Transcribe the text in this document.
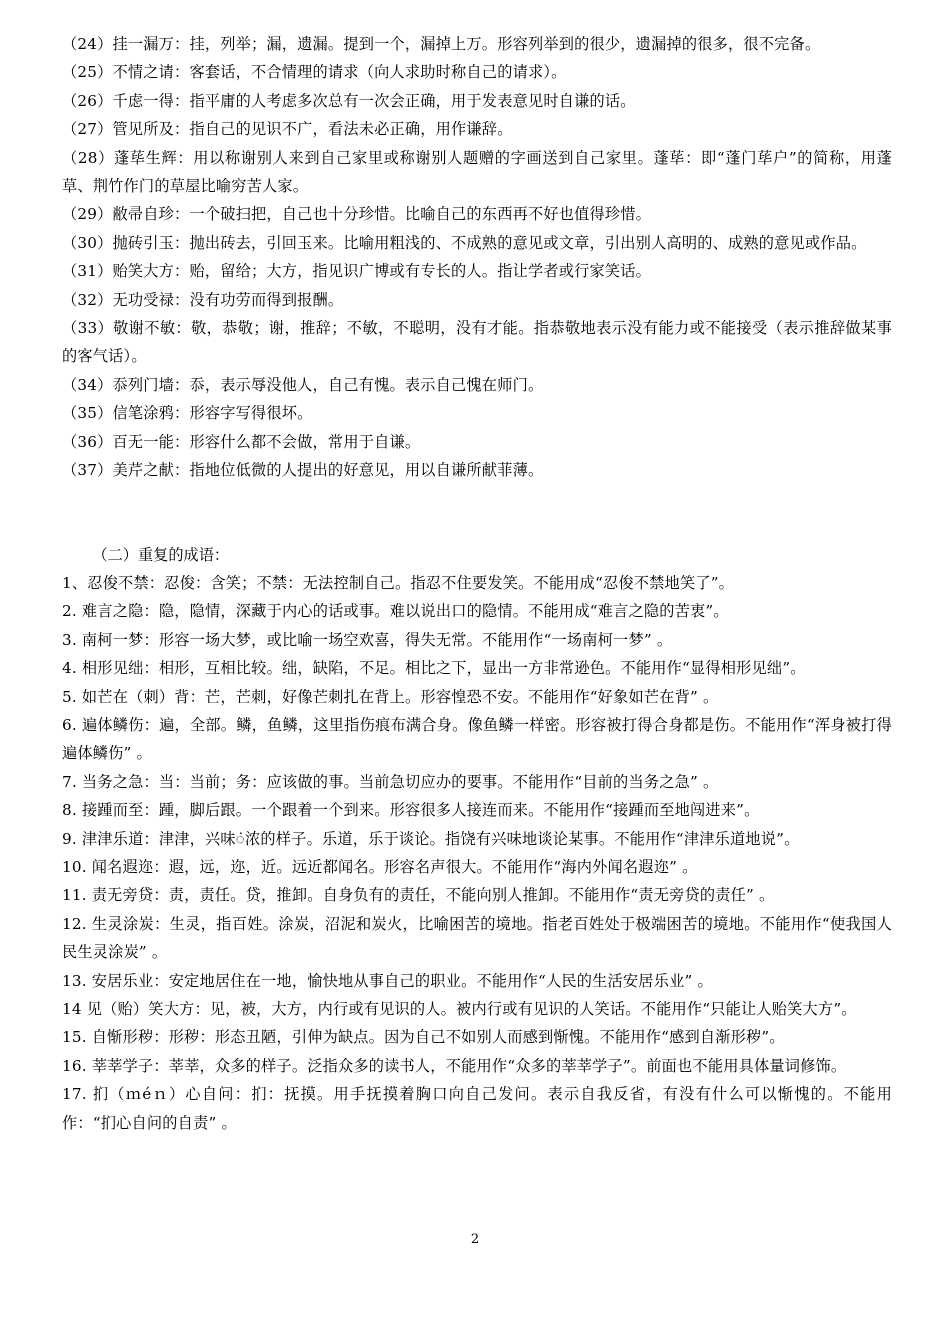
（24）挂一漏万：挂，列举；漏，遗漏。提到一个，漏掉上万。形容列举到的很少，遗漏掉的很多，很不完备。

（25）不情之请：客套话，不合情理的请求（向人求助时称自己的请求）。

（26）千虑一得：指平庸的人考虑多次总有一次会正确，用于发表意见时自谦的话。

（27）管见所及：指自己的见识不广，看法未必正确，用作谦辞。

（28）蓬荜生辉：用以称谢别人来到自己家里或称谢别人题赠的字画送到自己家里。蓬荜：即“蓬门荜户”的简称，用蓬草、荆竹作门的草屋比喻穷苦人家。

（29）敝帚自珍：一个破扫把，自己也十分珍惜。比喻自己的东西再不好也值得珍惜。

（30）抛砖引玉：抛出砖去，引回玉来。比喻用粗浅的、不成熟的意见或文章，引出别人高明的、成熟的意见或作品。

（31）贻笑大方：贻，留给；大方，指见识广博或有专长的人。指让学者或行家笑话。

（32）无功受禄：没有功劳而得到报酬。

（33）敬谢不敏：敬，恭敬；谢，推辞；不敏，不聪明，没有才能。指恭敬地表示没有能力或不能接受（表示推辞做某事的客气话）。

（34）忝列门墙：忝，表示辱没他人，自己有愧。表示自己愧在师门。

（35）信笔涂鸦：形容字写得很坏。

（36）百无一能：形容什么都不会做，常用于自谦。

（37）美芹之献：指地位低微的人提出的好意见，用以自谦所献菲薄。

（二）重复的成语：

1、忍俊不禁：忍俊：含笑；不禁：无法控制自己。指忍不住要发笑。不能用成“忍俊不禁地笑了”。

2. 难言之隐：隐，隐情，深藏于内心的话或事。难以说出口的隐情。不能用成“难言之隐的苦衷”。

3. 南柯一梦：形容一场大梦，或比喻一场空欢喜，得失无常。不能用作“一场南柯一梦” 。

4. 相形见绌：相形，互相比较。绌，缺陷，不足。相比之下，显出一方非常逊色。不能用作“显得相形见绌”。

5. 如芒在（刺）背：芒，芒刺，好像芒刺扎在背上。形容惶恐不安。不能用作“好象如芒在背” 。

6. 遍体鳞伤：遍，全部。鳞，鱼鳞，这里指伤痕布满合身。像鱼鳞一样密。形容被打得合身都是伤。不能用作“浑身被打得遍体鳞伤” 。

7. 当务之急：当：当前；务：应该做的事。当前急切应办的要事。不能用作“目前的当务之急” 。

8. 接踵而至：踵，脚后跟。一个跟着一个到来。形容很多人接连而来。不能用作“接踵而至地闯进来”。

9. 津津乐道：津津，兴味ं浓的样子。乐道，乐于谈论。指饶有兴味地谈论某事。不能用作“津津乐道地说”。

10. 闻名遐迩：遐，远，迩，近。远近都闻名。形容名声很大。不能用作“海内外闻名遐迩” 。

11. 责无旁贷：责，责任。贷，推卸。自身负有的责任，不能向别人推卸。不能用作“责无旁贷的责任” 。

12. 生灵涂炭：生灵，指百姓。涂炭，沼泥和炭火，比喻困苦的境地。指老百姓处于极端困苦的境地。不能用作“使我国人民生灵涂炭” 。

13. 安居乐业：安定地居住在一地，愉快地从事自己的职业。不能用作“人民的生活安居乐业” 。

14 见（贻）笑大方：见，被，大方，内行或有见识的人。被内行或有见识的人笑话。不能用作“只能让人贻笑大方”。

15. 自惭形秽：形秽：形态丑陋，引伸为缺点。因为自己不如别人而感到惭愧。不能用作“感到自渐形秽”。

16. 莘莘学子：莘莘，众多的样子。泛指众多的读书人，不能用作“众多的莘莘学子”。前面也不能用具体量词修饰。

17. 扪（ｍéｎ）心自问：扪：抚摸。用手抚摸着胸口向自己发问。表示自我反省，有没有什么可以惭愧的。不能用作：“扪心自问的自责” 。

2
